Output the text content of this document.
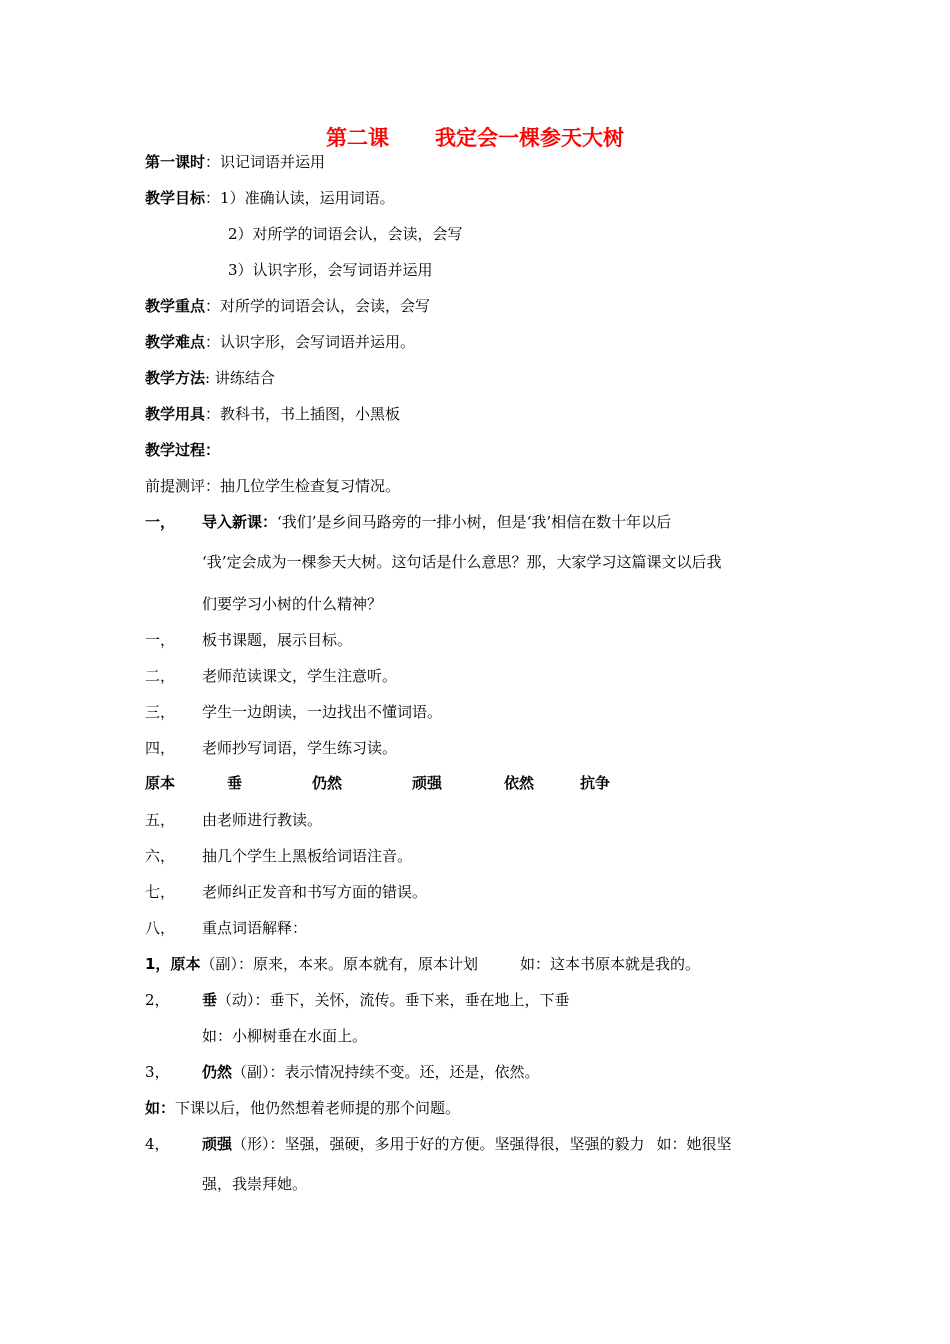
第二课 我定会一棵参天大树
第一课时：识记词语并运用
教学目标：1）准确认读，运用词语。
2）对所学的词语会认，会读，会写
3）认识字形，会写词语并运用
教学重点：对所学的词语会认，会读，会写
教学难点：认识字形，会写词语并运用。
教学方法: 讲练结合
教学用具：教科书，书上插图，小黑板
教学过程：
前提测评：抽几位学生检查复习情况。
一， 导入新课：‘我们’是乡间马路旁的一排小树，但是‘我’相信在数十年以后
‘我’定会成为一棵参天大树。这句话是什么意思？那，大家学习这篇课文以后我
们要学习小树的什么精神？
一， 板书课题，展示目标。
二， 老师范读课文，学生注意听。
三， 学生一边朗读，一边找出不懂词语。
四， 老师抄写词语，学生练习读。
原本	垂	仍然	顽强	依然	抗争
五， 由老师进行教读。
六， 抽几个学生上黑板给词语注音。
七， 老师纠正发音和书写方面的错误。
八， 重点词语解释：
1，原本（副）：原来，本来。原本就有，原本计划	如：这本书原本就是我的。
2， 垂（动）：垂下，关怀，流传。垂下来，垂在地上，下垂
如：小柳树垂在水面上。
3， 仍然（副）：表示情况持续不变。还，还是，依然。
如：下课以后，他仍然想着老师提的那个问题。
4， 顽强（形）：坚强，强硬，多用于好的方便。坚强得很，坚强的毅力 如：她很坚
强，我崇拜她。
